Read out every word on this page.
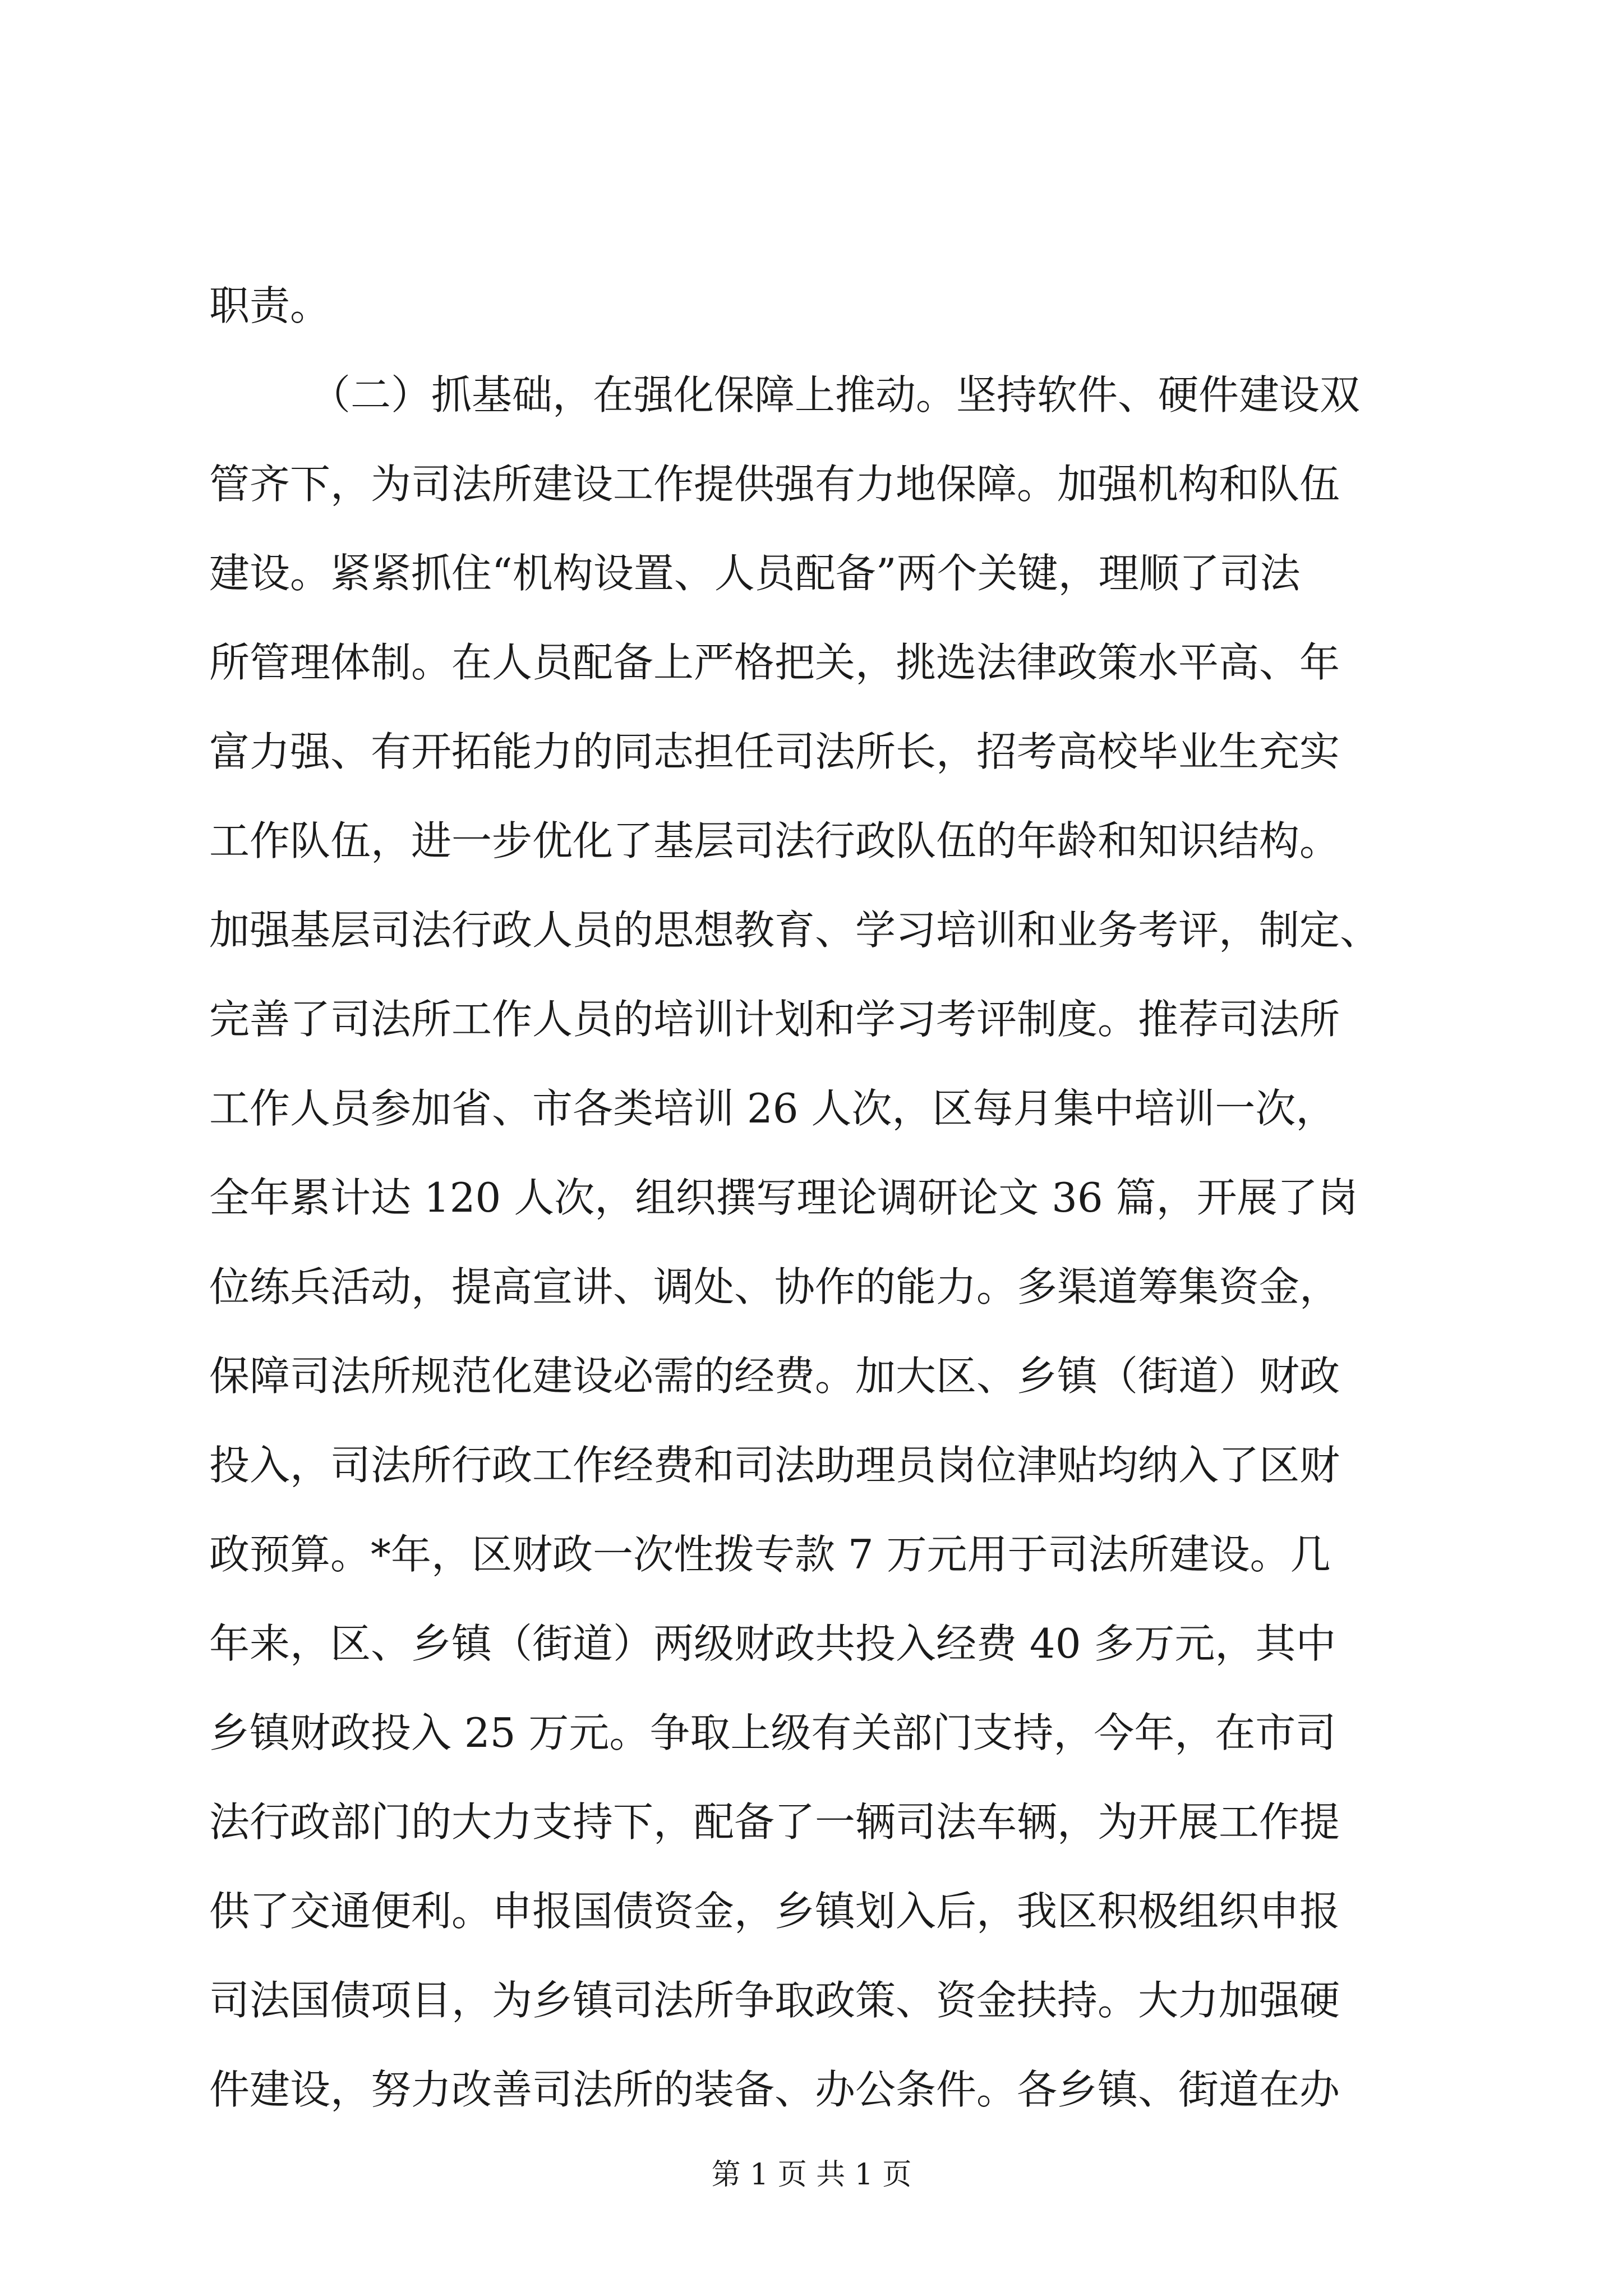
职责。
（二）抓基础，在强化保障上推动。坚持软件、硬件建设双
管齐下，为司法所建设工作提供强有力地保障。加强机构和队伍
建设。紧紧抓住“机构设置、人员配备”两个关键，理顺了司法
所管理体制。在人员配备上严格把关，挑选法律政策水平高、年
富力强、有开拓能力的同志担任司法所长，招考高校毕业生充实
工作队伍，进一步优化了基层司法行政队伍的年龄和知识结构。
加强基层司法行政人员的思想教育、学习培训和业务考评，制定、
完善了司法所工作人员的培训计划和学习考评制度。推荐司法所
工作人员参加省、市各类培训 26 人次，区每月集中培训一次，
全年累计达 120 人次，组织撰写理论调研论文 36 篇，开展了岗
位练兵活动，提高宣讲、调处、协作的能力。多渠道筹集资金，
保障司法所规范化建设必需的经费。加大区、乡镇（街道）财政
投入，司法所行政工作经费和司法助理员岗位津贴均纳入了区财
政预算。*年，区财政一次性拨专款 7 万元用于司法所建设。几
年来，区、乡镇（街道）两级财政共投入经费 40 多万元，其中
乡镇财政投入 25 万元。争取上级有关部门支持，今年，在市司
法行政部门的大力支持下，配备了一辆司法车辆，为开展工作提
供了交通便利。申报国债资金，乡镇划入后，我区积极组织申报
司法国债项目，为乡镇司法所争取政策、资金扶持。大力加强硬
件建设，努力改善司法所的装备、办公条件。各乡镇、街道在办
第 1 页 共 1 页
